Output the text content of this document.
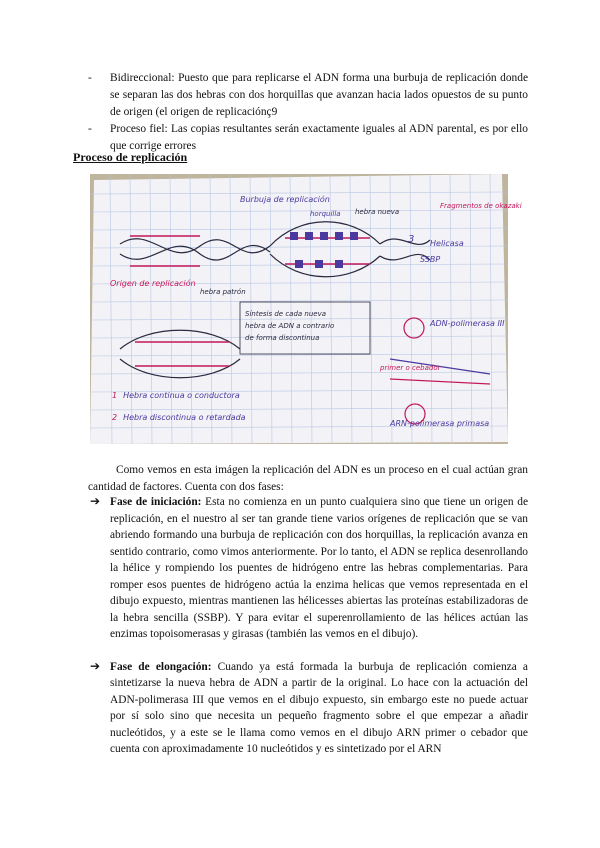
- Bidireccional: Puesto que para replicarse el ADN forma una burbuja de replicación donde se separan las dos hebras con dos horquillas que avanzan hacia lados opuestos de su punto de origen (el origen de replicaciónç9
- Proceso fiel: Las copias resultantes serán exactamente iguales al ADN parental, es por ello que corrige errores
Proceso de replicación
Burbuja de replicación
horquilla hebra nueva
Fragmentos de okazaki
Helicasa
SSBP
Origen de replicación
hebra patrón
Síntesis de cada nueva hebra de ADN a contrario de forma discontinua
ADN-polimerasa III
primer o cebador
ARN-polimerasa primasa
1 Hebra continua o conductora
2 Hebra discontinua o retardada
3
Como vemos en esta imágen la replicación del ADN es un proceso en el cual actúan gran cantidad de factores. Cuenta con dos fases:
➔ Fase de iniciación: Esta no comienza en un punto cualquiera sino que tiene un origen de replicación, en el nuestro al ser tan grande tiene varios orígenes de replicación que se van abriendo formando una burbuja de replicación con dos horquillas, la replicación avanza en sentido contrario, como vimos anteriormente. Por lo tanto, el ADN se replica desenrollando la hélice y rompiendo los puentes de hidrógeno entre las hebras complementarias. Para romper esos puentes de hidrógeno actúa la enzima helicas que vemos representada en el dibujo expuesto, mientras mantienen las hélicesses abiertas las proteínas estabilizadoras de la hebra sencilla (SSBP). Y para evitar el superenrollamiento de las hélices actúan las enzimas topoisomerasas y girasas (también las vemos en el dibujo).
➔ Fase de elongación: Cuando ya está formada la burbuja de replicación comienza a sintetizarse la nueva hebra de ADN a partir de la original. Lo hace con la actuación del ADN-polimerasa III que vemos en el dibujo expuesto, sin embargo este no puede actuar por sí solo sino que necesita un pequeño fragmento sobre el que empezar a añadir nucleótidos, y a este se le llama como vemos en el dibujo ARN primer o cebador que cuenta con aproximadamente 10 nucleótidos y es sintetizado por el ARN
